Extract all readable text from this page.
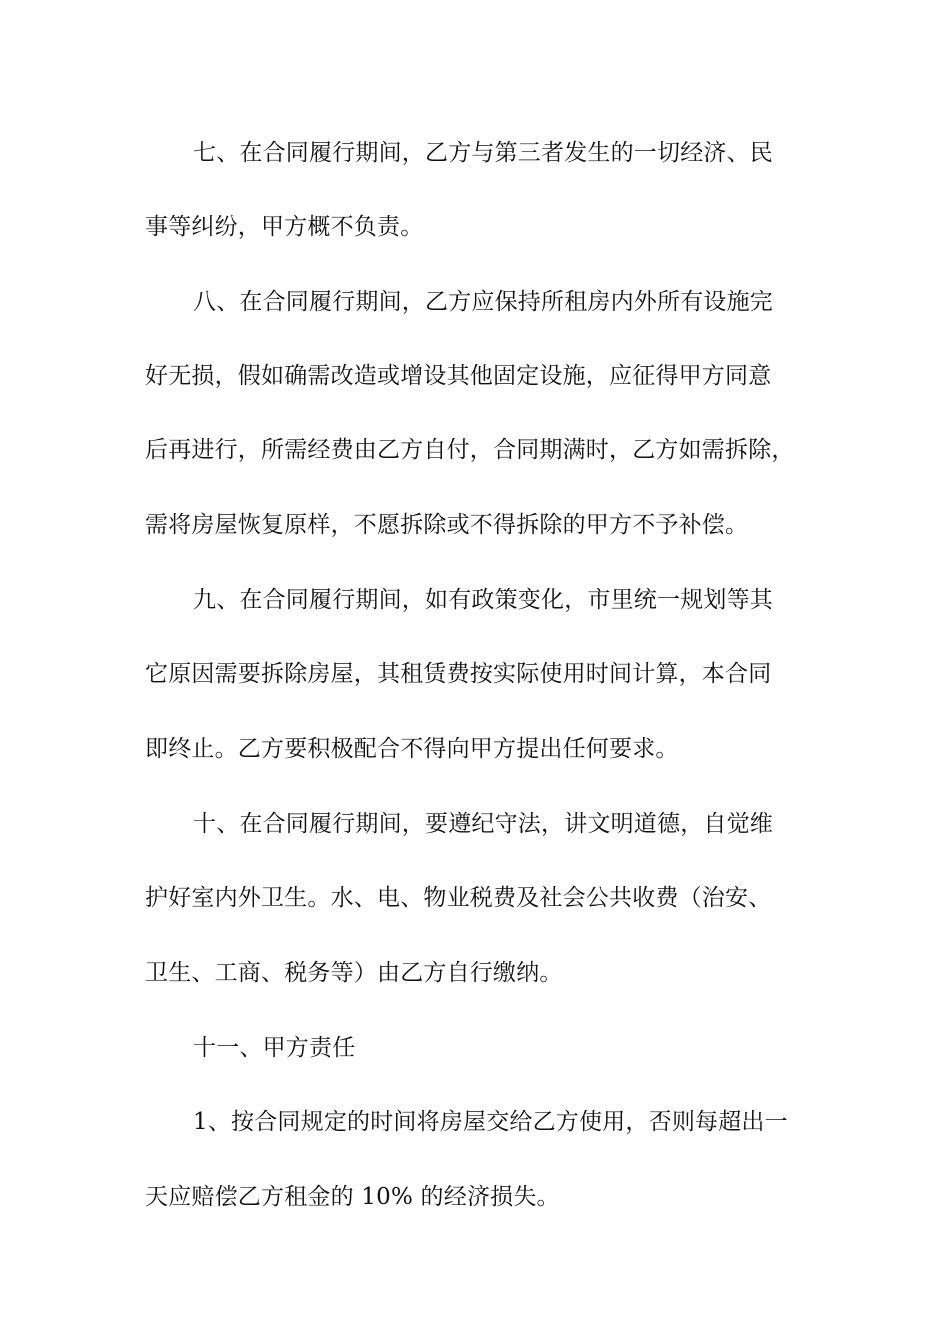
七、在合同履行期间，乙方与第三者发生的一切经济、民
事等纠纷，甲方概不负责。
八、在合同履行期间，乙方应保持所租房内外所有设施完
好无损，假如确需改造或增设其他固定设施，应征得甲方同意
后再进行，所需经费由乙方自付，合同期满时，乙方如需拆除，
需将房屋恢复原样，不愿拆除或不得拆除的甲方不予补偿。
九、在合同履行期间，如有政策变化，市里统一规划等其
它原因需要拆除房屋，其租赁费按实际使用时间计算，本合同
即终止。乙方要积极配合不得向甲方提出任何要求。
十、在合同履行期间，要遵纪守法，讲文明道德，自觉维
护好室内外卫生。水、电、物业税费及社会公共收费（治安、
卫生、工商、税务等）由乙方自行缴纳。
十一、甲方责任
1、按合同规定的时间将房屋交给乙方使用，否则每超出一
天应赔偿乙方租金的 10% 的经济损失。
